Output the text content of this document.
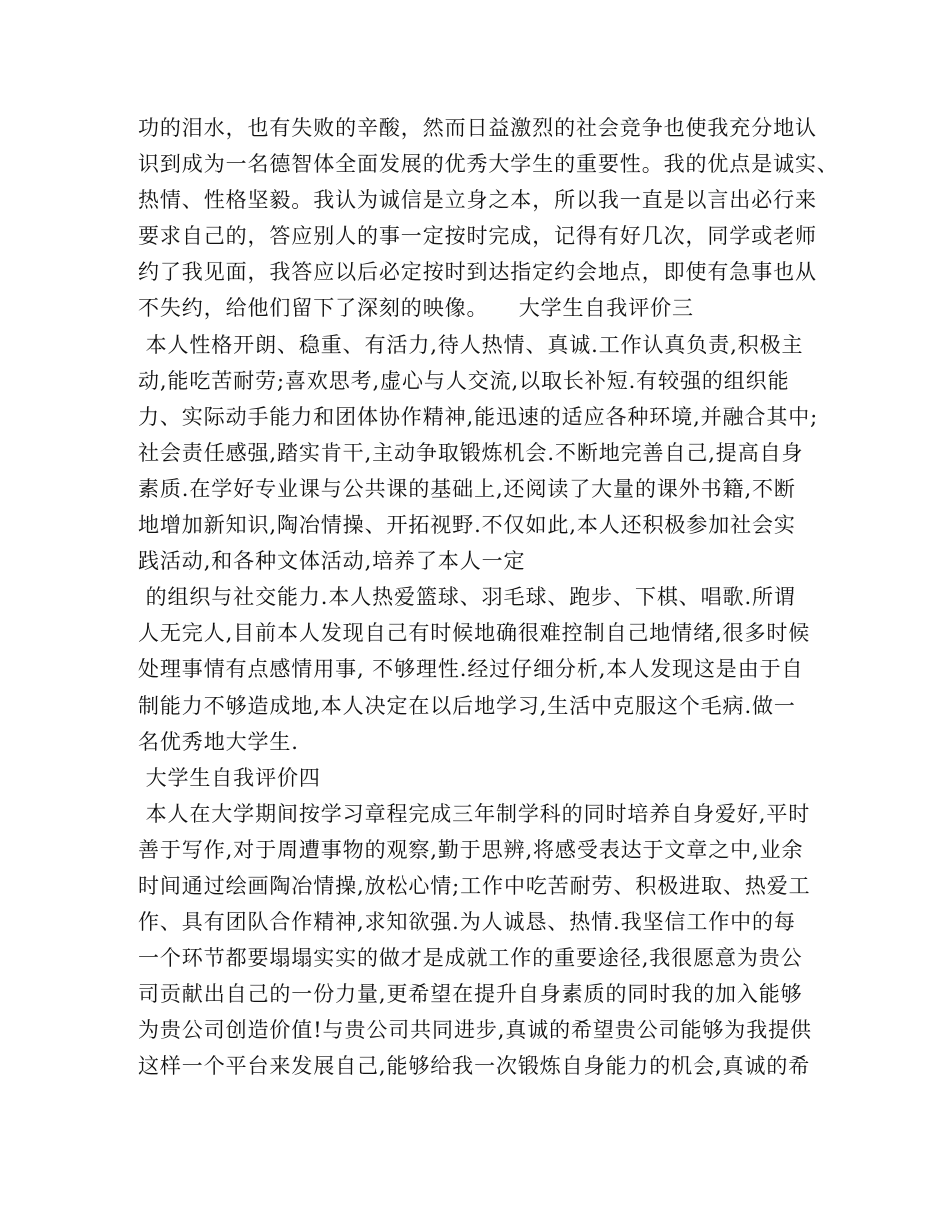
功的泪水，也有失败的辛酸，然而日益激烈的社会竞争也使我充分地认
识到成为一名德智体全面发展的优秀大学生的重要性。我的优点是诚实、
热情、性格坚毅。我认为诚信是立身之本，所以我一直是以言出必行来
要求自己的，答应别人的事一定按时完成，记得有好几次，同学或老师
约了我见面，我答应以后必定按时到达指定约会地点，即使有急事也从
不失约，给他们留下了深刻的映像。    大学生自我评价三
本人性格开朗、稳重、有活力,待人热情、真诚.工作认真负责,积极主
动,能吃苦耐劳;喜欢思考,虚心与人交流,以取长补短.有较强的组织能
力、实际动手能力和团体协作精神,能迅速的适应各种环境,并融合其中;
社会责任感强,踏实肯干,主动争取锻炼机会.不断地完善自己,提高自身
素质.在学好专业课与公共课的基础上,还阅读了大量的课外书籍,不断
地增加新知识,陶冶情操、开拓视野.不仅如此,本人还积极参加社会实
践活动,和各种文体活动,培养了本人一定
的组织与社交能力.本人热爱篮球、羽毛球、跑步、下棋、唱歌.所谓
人无完人,目前本人发现自己有时候地确很难控制自己地情绪,很多时候
处理事情有点感情用事, 不够理性.经过仔细分析,本人发现这是由于自
制能力不够造成地,本人决定在以后地学习,生活中克服这个毛病.做一
名优秀地大学生.
大学生自我评价四
本人在大学期间按学习章程完成三年制学科的同时培养自身爱好,平时
善于写作,对于周遭事物的观察,勤于思辨,将感受表达于文章之中,业余
时间通过绘画陶冶情操,放松心情;工作中吃苦耐劳、积极进取、热爱工
作、具有团队合作精神,求知欲强.为人诚恳、热情.我坚信工作中的每
一个环节都要塌塌实实的做才是成就工作的重要途径,我很愿意为贵公
司贡献出自己的一份力量,更希望在提升自身素质的同时我的加入能够
为贵公司创造价值!与贵公司共同进步,真诚的希望贵公司能够为我提供
这样一个平台来发展自己,能够给我一次锻炼自身能力的机会,真诚的希
